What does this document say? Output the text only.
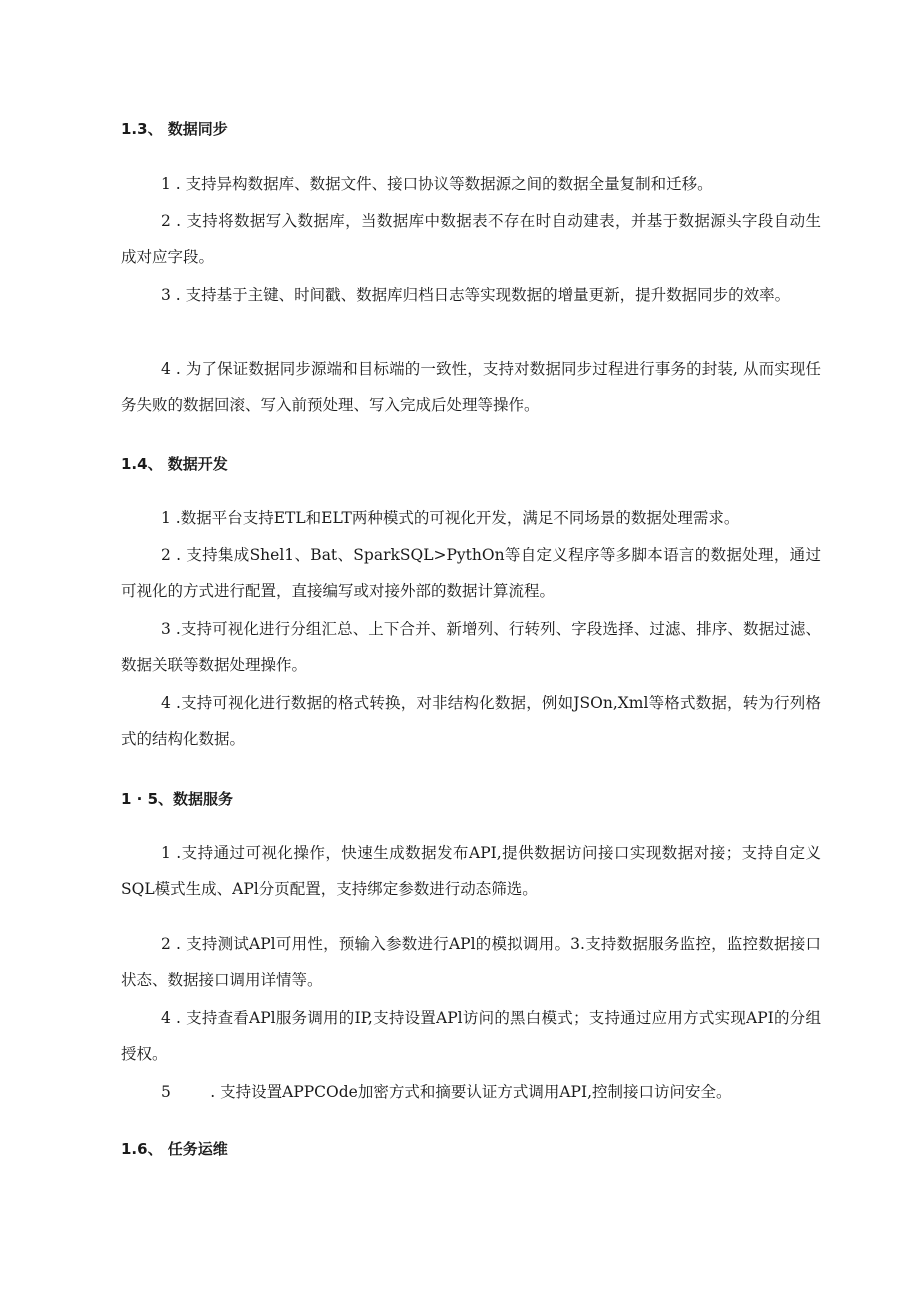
1.3、 数据同步

1 . 支持异构数据库、数据文件、接口协议等数据源之间的数据全量复制和迁移。

2 . 支持将数据写入数据库，当数据库中数据表不存在时自动建表，并基于数据源头字段自动生成对应字段。

3 . 支持基于主键、时间戳、数据库归档日志等实现数据的增量更新，提升数据同步的效率。

4 . 为了保证数据同步源端和目标端的一致性，支持对数据同步过程进行事务的封装, 从而实现任务失败的数据回滚、写入前预处理、写入完成后处理等操作。

1.4、 数据开发

1 .数据平台支持ETL和ELT两种模式的可视化开发，满足不同场景的数据处理需求。

2 . 支持集成Shel1、Bat、SparkSQL>PythOn等自定义程序等多脚本语言的数据处理，通过可视化的方式进行配置，直接编写或对接外部的数据计算流程。

3 .支持可视化进行分组汇总、上下合并、新增列、行转列、字段选择、过滤、排序、数据过滤、数据关联等数据处理操作。

4 .支持可视化进行数据的格式转换，对非结构化数据，例如JSOn,Xml等格式数据，转为行列格式的结构化数据。

1 · 5、数据服务

1 .支持通过可视化操作，快速生成数据发布API,提供数据访问接口实现数据对接；支持自定义SQL模式生成、APl分页配置，支持绑定参数进行动态筛选。

2 . 支持测试APl可用性，预输入参数进行APl的模拟调用。3.支持数据服务监控，监控数据接口状态、数据接口调用详情等。

4 . 支持查看APl服务调用的IP,支持设置APl访问的黑白模式；支持通过应用方式实现API的分组授权。

5        . 支持设置APPCOde加密方式和摘要认证方式调用API,控制接口访问安全。

1.6、 任务运维
